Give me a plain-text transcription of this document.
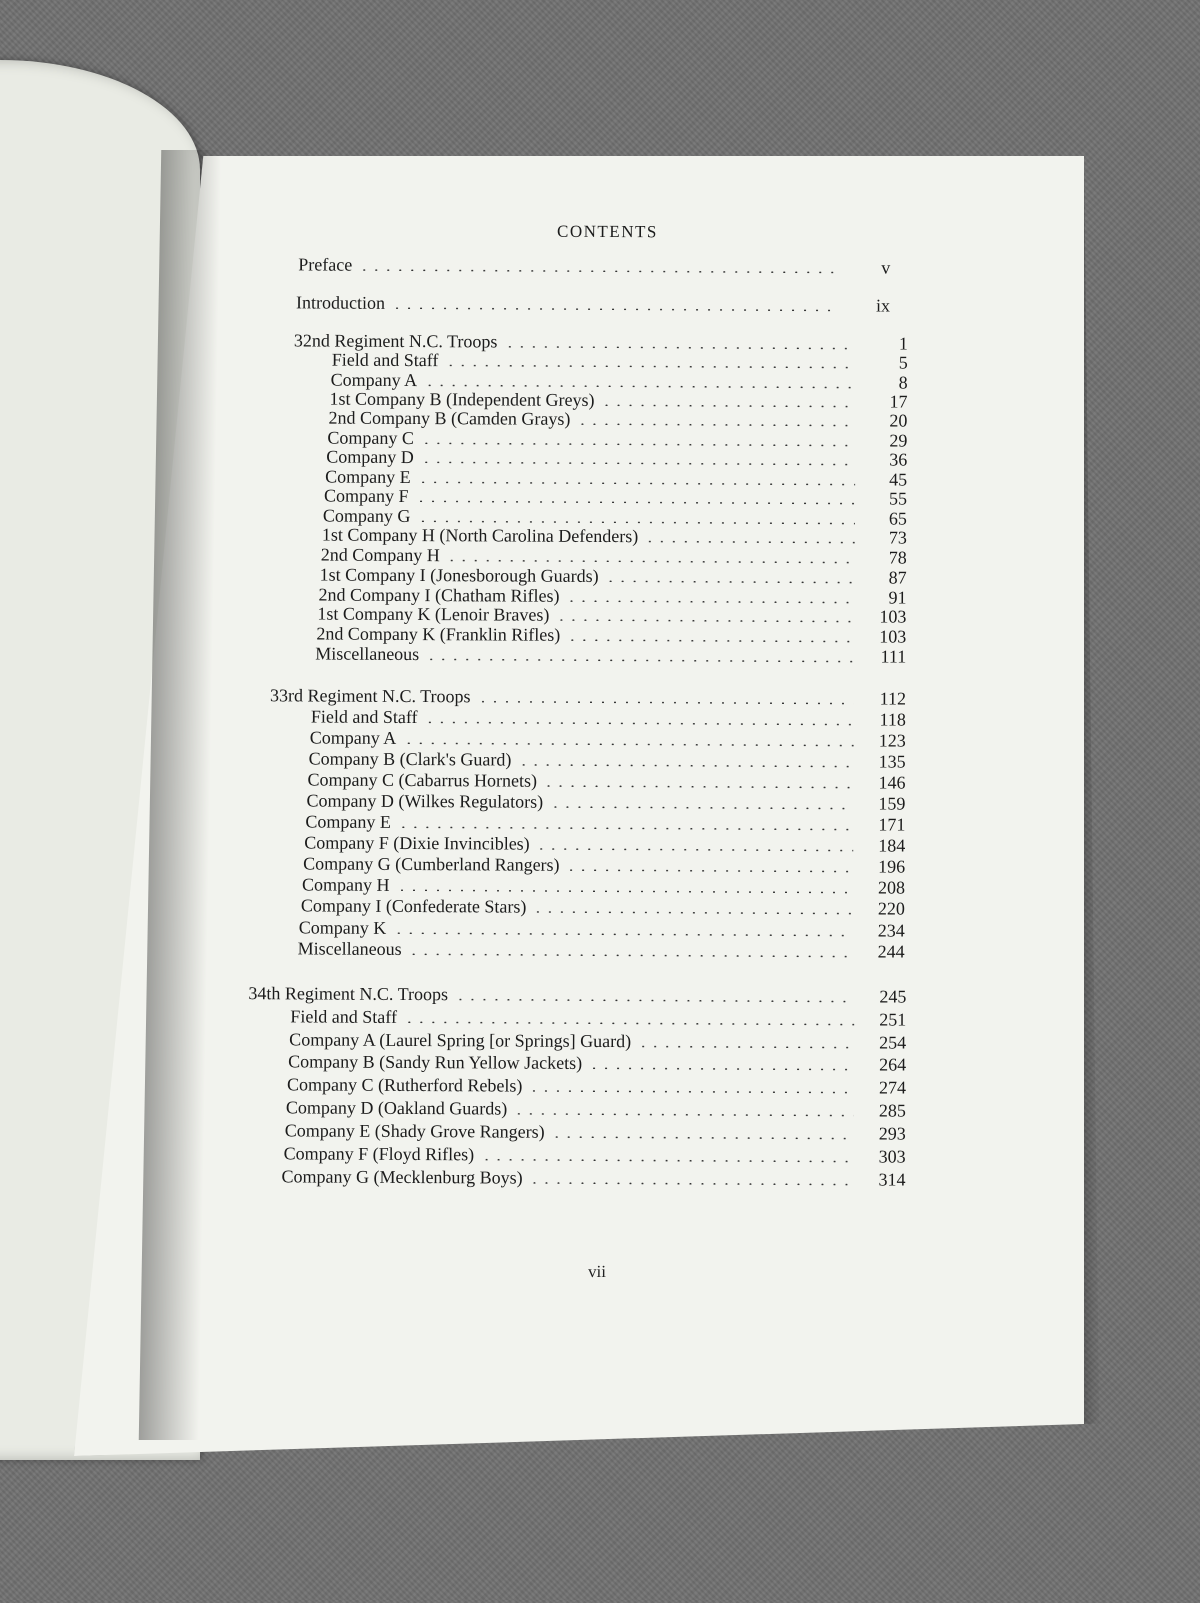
CONTENTS
Preface	v
Introduction	ix
32nd Regiment N.C. Troops	1
Field and Staff	5
Company A	8
1st Company B (Independent Greys)	17
2nd Company B (Camden Grays)	20
Company C	29
Company D	36
Company E	45
Company F	55
Company G	65
1st Company H (North Carolina Defenders)	73
2nd Company H	78
1st Company I (Jonesborough Guards)	87
2nd Company I (Chatham Rifles)	91
1st Company K (Lenoir Braves)	103
2nd Company K (Franklin Rifles)	103
Miscellaneous	111
33rd Regiment N.C. Troops	112
Field and Staff	118
Company A	123
Company B (Clark's Guard)	135
Company C (Cabarrus Hornets)	146
Company D (Wilkes Regulators)	159
Company E	171
Company F (Dixie Invincibles)	184
Company G (Cumberland Rangers)	196
Company H	208
Company I (Confederate Stars)	220
Company K	234
Miscellaneous	244
34th Regiment N.C. Troops	245
Field and Staff	251
Company A (Laurel Spring [or Springs] Guard)	254
Company B (Sandy Run Yellow Jackets)	264
Company C (Rutherford Rebels)	274
Company D (Oakland Guards)	285
Company E (Shady Grove Rangers)	293
Company F (Floyd Rifles)	303
Company G (Mecklenburg Boys)	314
vii
